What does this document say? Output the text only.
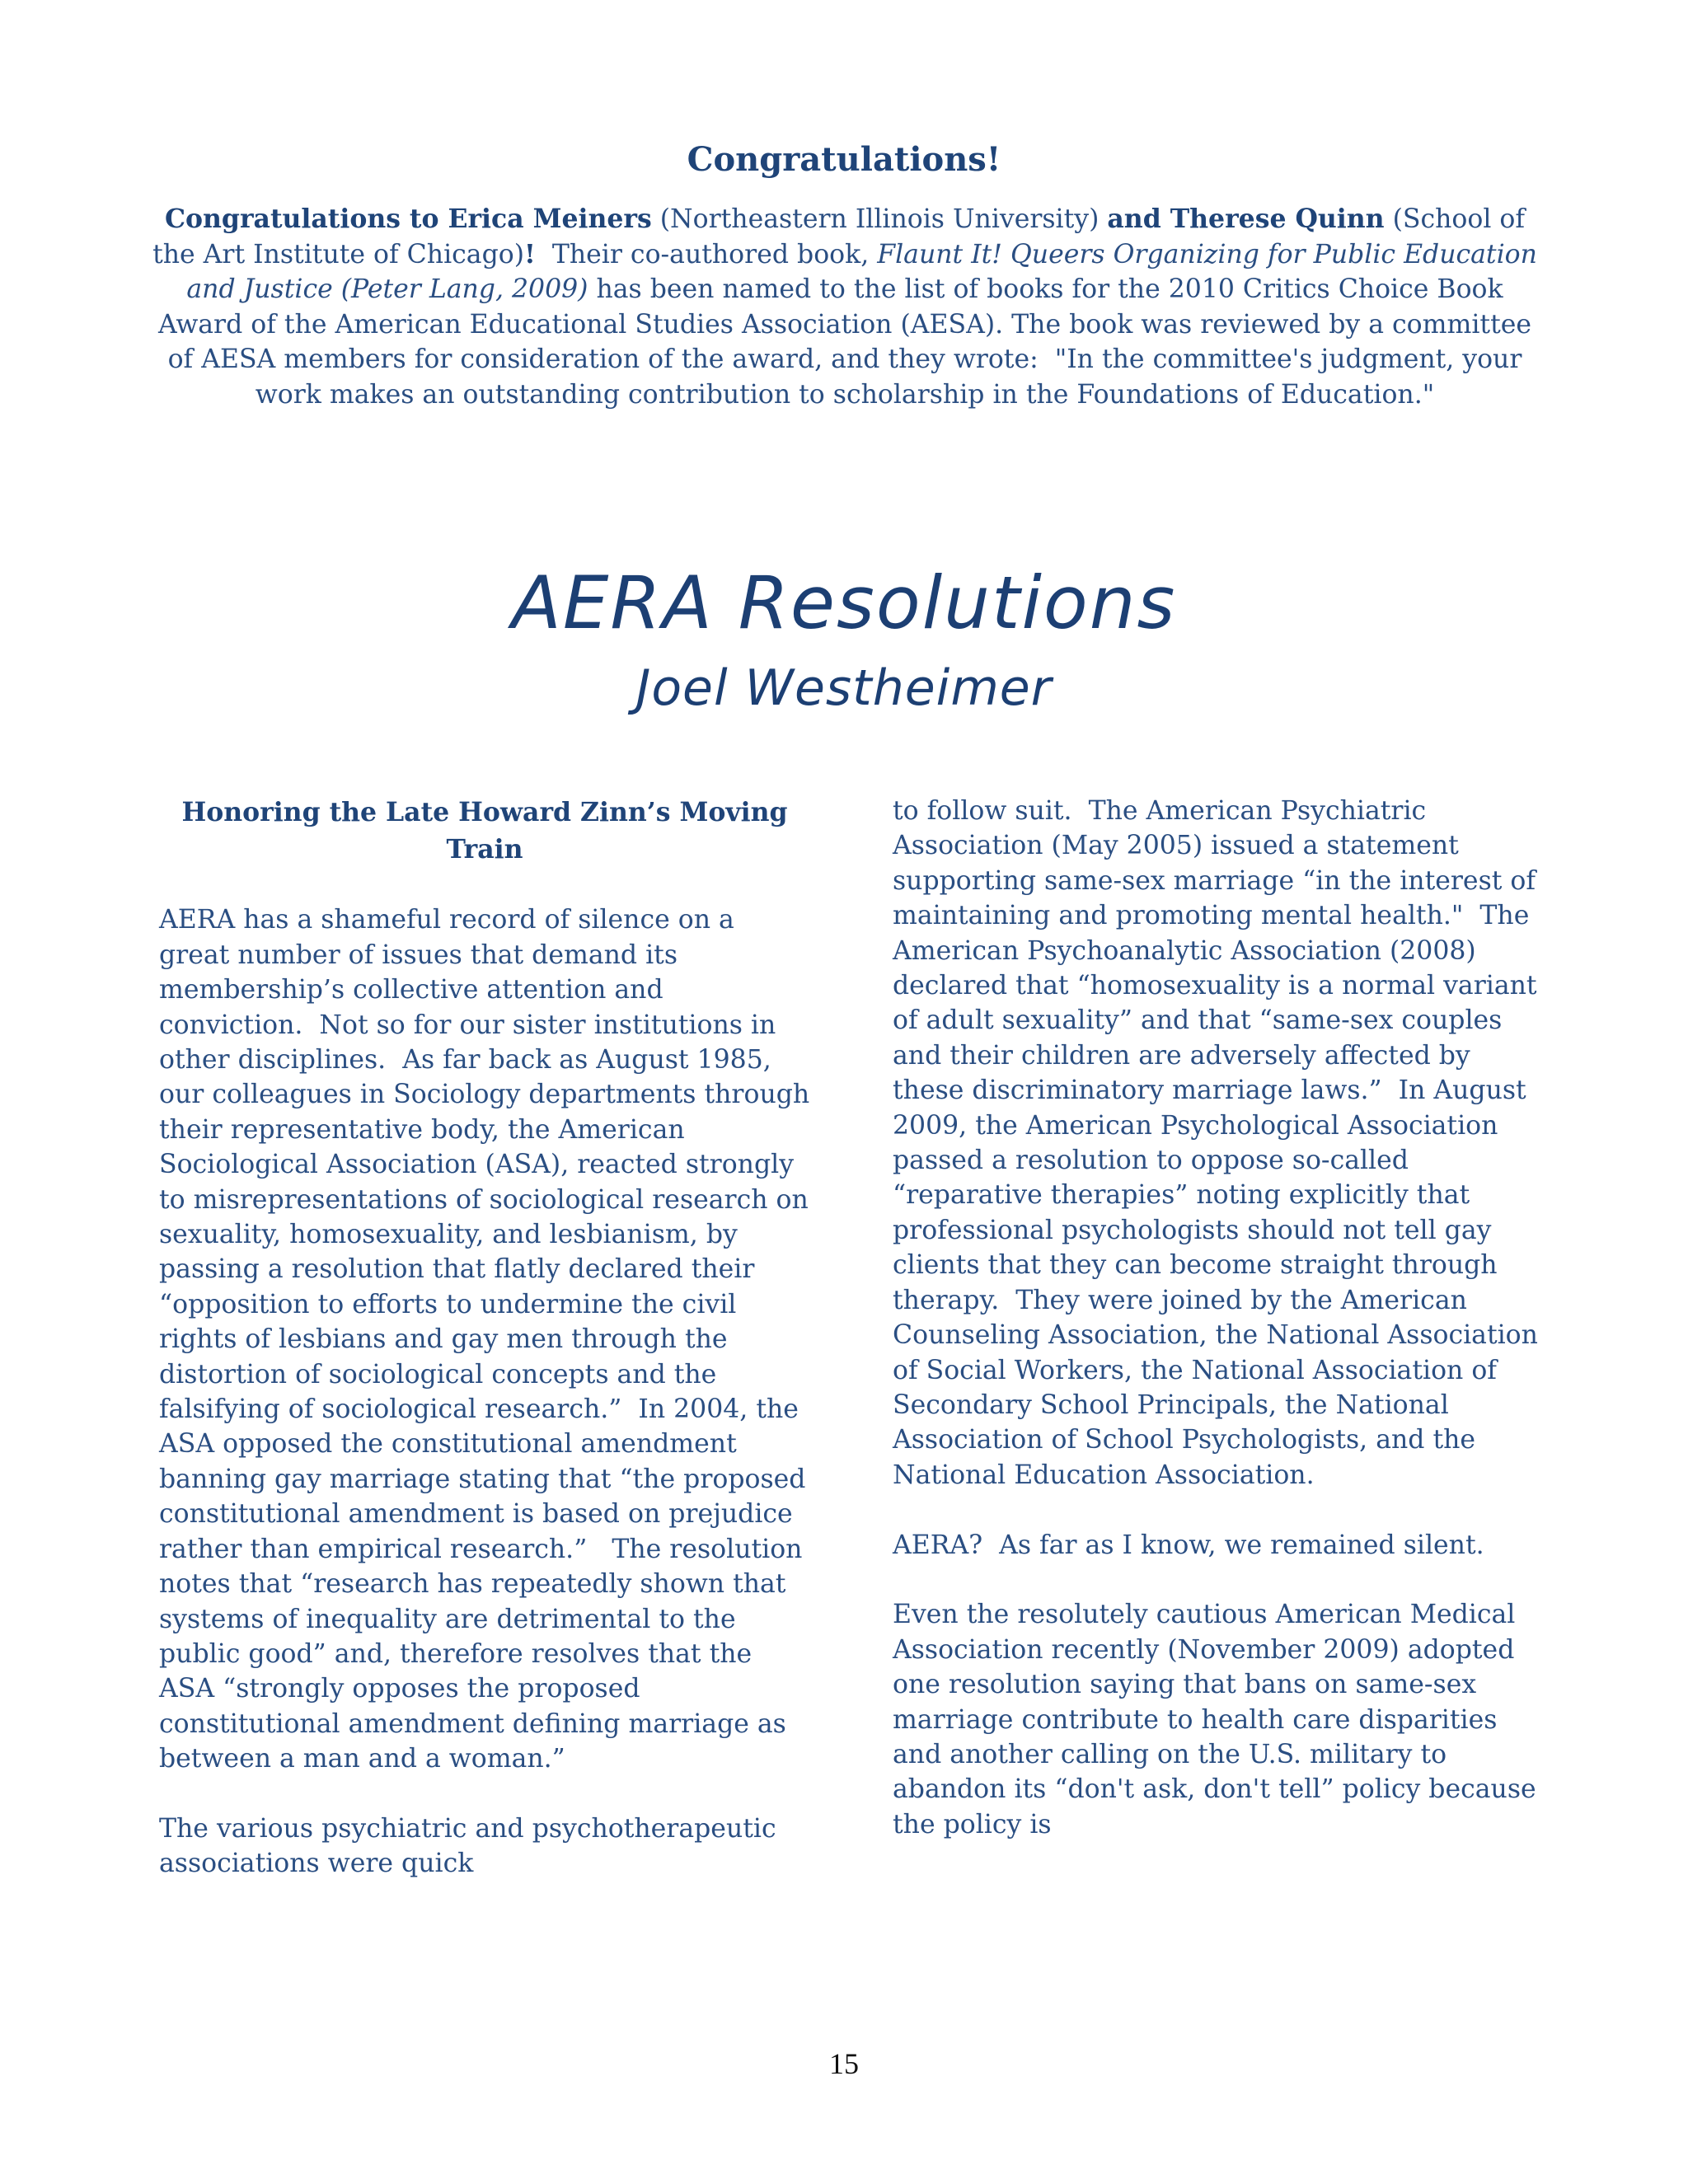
Congratulations!

Congratulations to Erica Meiners (Northeastern Illinois University) and Therese Quinn (School of the Art Institute of Chicago)!  Their co-authored book, Flaunt It! Queers Organizing for Public Education and Justice (Peter Lang, 2009) has been named to the list of books for the 2010 Critics Choice Book Award of the American Educational Studies Association (AESA). The book was reviewed by a committee of AESA members for consideration of the award, and they wrote:  "In the committee's judgment, your work makes an outstanding contribution to scholarship in the Foundations of Education."

AERA Resolutions
Joel Westheimer
Honoring the Late Howard Zinn’s Moving Train

AERA has a shameful record of silence on a great number of issues that demand its membership’s collective attention and conviction.  Not so for our sister institutions in other disciplines.  As far back as August 1985, our colleagues in Sociology departments through their representative body, the American Sociological Association (ASA), reacted strongly to misrepresentations of sociological research on sexuality, homosexuality, and lesbianism, by passing a resolution that flatly declared their “opposition to efforts to undermine the civil rights of lesbians and gay men through the distortion of sociological concepts and the falsifying of sociological research.”  In 2004, the ASA opposed the constitutional amendment banning gay marriage stating that “the proposed constitutional amendment is based on prejudice rather than empirical research.”   The resolution notes that “research has repeatedly shown that systems of inequality are detrimental to the public good” and, therefore resolves that the ASA “strongly opposes the proposed constitutional amendment defining marriage as between a man and a woman.”

The various psychiatric and psychotherapeutic associations were quick

to follow suit.  The American Psychiatric Association (May 2005) issued a statement supporting same-sex marriage “in the interest of maintaining and promoting mental health."  The American Psychoanalytic Association (2008) declared that “homosexuality is a normal variant of adult sexuality” and that “same-sex couples and their children are adversely affected by these discriminatory marriage laws.”  In August 2009, the American Psychological Association passed a resolution to oppose so-called “reparative therapies” noting explicitly that professional psychologists should not tell gay clients that they can become straight through therapy.  They were joined by the American Counseling Association, the National Association of Social Workers, the National Association of Secondary School Principals, the National Association of School Psychologists, and the National Education Association.

AERA?  As far as I know, we remained silent.

Even the resolutely cautious American Medical Association recently (November 2009) adopted one resolution saying that bans on same-sex marriage contribute to health care disparities and another calling on the U.S. military to abandon its “don't ask, don't tell” policy because the policy is

15
